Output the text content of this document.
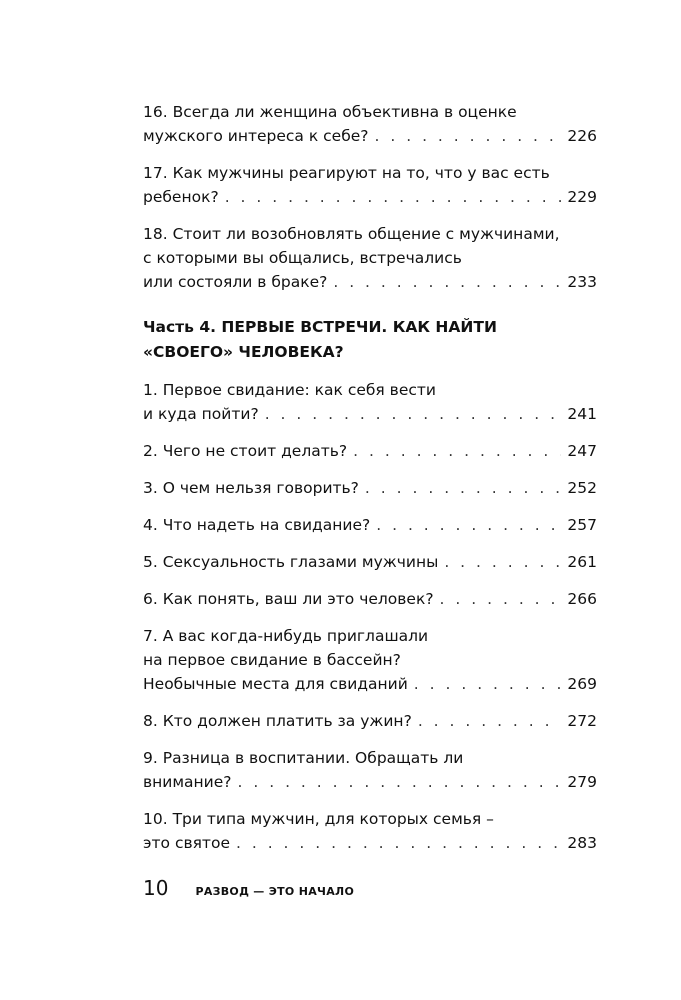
16. Всегда ли женщина объективна в оценке
мужского интереса к себе? . . .	226
17. Как мужчины реагируют на то, что у вас есть
ребенок? . . .	229
18. Стоит ли возобновлять общение с мужчинами,
с которыми вы общались, встречались
или состояли в браке? . . .	233
Часть 4. ПЕРВЫЕ ВСТРЕЧИ. КАК НАЙТИ
«СВОЕГО» ЧЕЛОВЕКА?
1. Первое свидание: как себя вести
и куда пойти? . . .	241
2. Чего не стоит делать? . . .	247
3. О чем нельзя говорить? . . .	252
4. Что надеть на свидание? . . .	257
5. Сексуальность глазами мужчины . . .	261
6. Как понять, ваш ли это человек? . . .	266
7. А вас когда-нибудь приглашали
на первое свидание в бассейн?
Необычные места для свиданий . . .	269
8. Кто должен платить за ужин? . . .	272
9. Разница в воспитании. Обращать ли
внимание? . . .	279
10. Три типа мужчин, для которых семья –
это святое . . .	283
10 РАЗВОД — ЭТО НАЧАЛО
